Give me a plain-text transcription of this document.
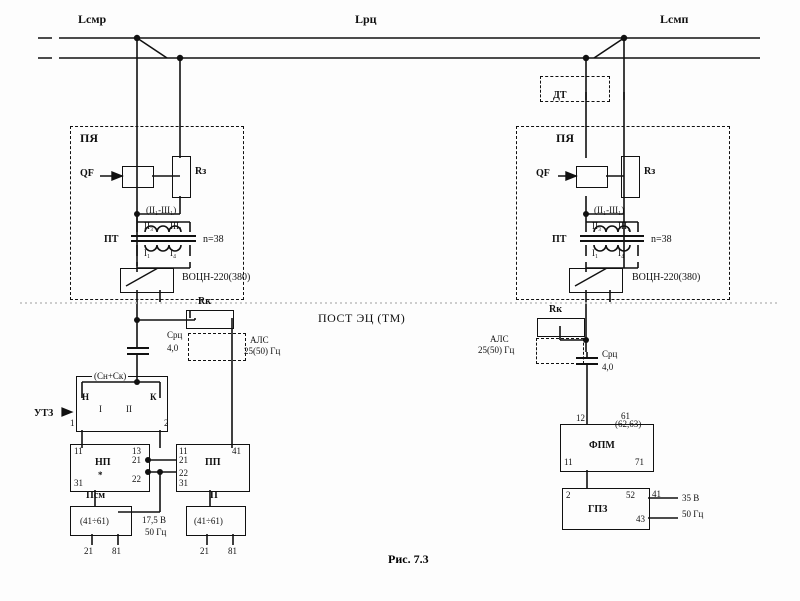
Lсмр	Lрц	Lсмп
ПЯ
QF	Rз
(II₁-III₁)
II₃ III₁
ПТ	n=38
I₁ I₄
ВОЦН-220(380)
ПОСТ ЭЦ (ТМ)
Rк
Cрц
4,0
АЛС
25(50) Гц
(Cн+Cк)
УТЗ
Н	К
1	2
I	II
НП
11	13
21
22
31
*
ПП
11	41
21
22
31
Псм
(41÷61)
21 81
П
(41÷61)
21 81
17,5 В
50 Гц
ДТ
ПЯ
QF	Rз
(II₁-III₁)
II₃ III₁
ПТ	n=38
I₁ I₄
ВОЦН-220(380)
Rк
АЛС
25(50) Гц	Cрц
4,0
ФПМ
12	61
(62,63)
11	71
ГПЗ
2	52 41
43
35 В
50 Гц
Рис. 7.3
